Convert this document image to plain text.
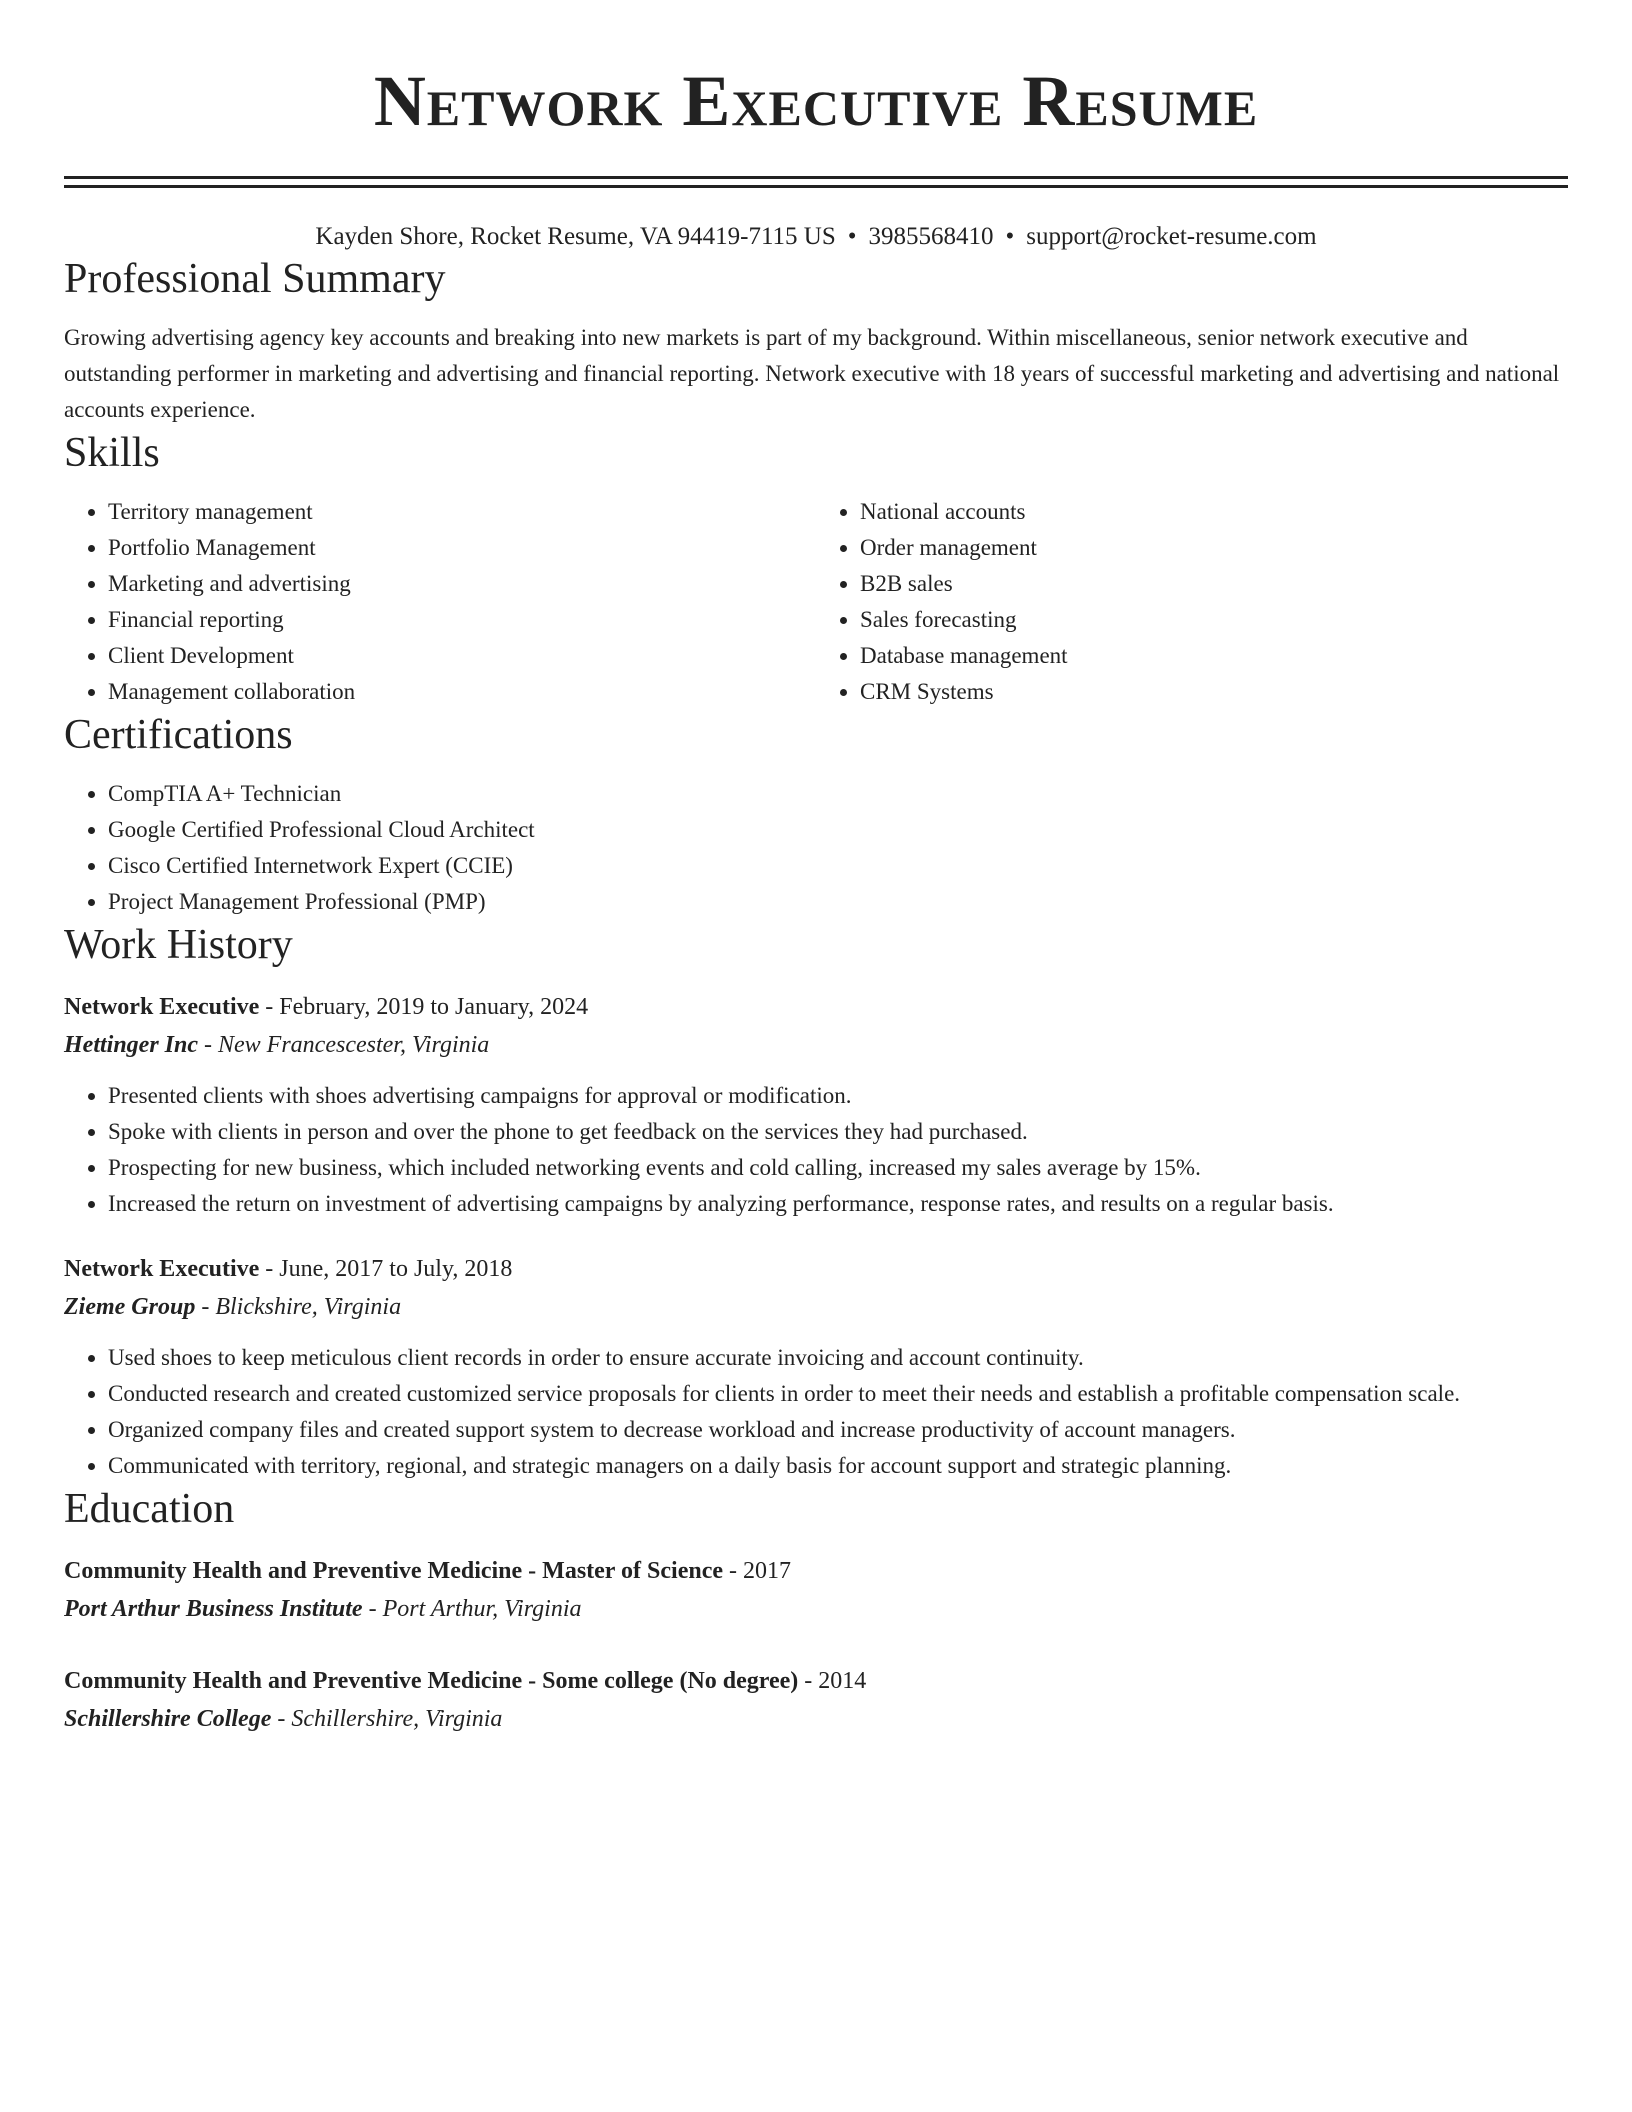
Network Executive Resume
Kayden Shore, Rocket Resume, VA 94419-7115 US • 3985568410 • support@rocket-resume.com
Professional Summary

Growing advertising agency key accounts and breaking into new markets is part of my background. Within miscellaneous, senior network executive and outstanding performer in marketing and advertising and financial reporting. Network executive with 18 years of successful marketing and advertising and national accounts experience.

Skills
• Territory management
• Portfolio Management
• Marketing and advertising
• Financial reporting
• Client Development
• Management collaboration
• National accounts
• Order management
• B2B sales
• Sales forecasting
• Database management
• CRM Systems
Certifications
• CompTIA A+ Technician
• Google Certified Professional Cloud Architect
• Cisco Certified Internetwork Expert (CCIE)
• Project Management Professional (PMP)
Work History
Network Executive - February, 2019 to January, 2024
Hettinger Inc - New Francescester, Virginia
• Presented clients with shoes advertising campaigns for approval or modification.
• Spoke with clients in person and over the phone to get feedback on the services they had purchased.
• Prospecting for new business, which included networking events and cold calling, increased my sales average by 15%.
• Increased the return on investment of advertising campaigns by analyzing performance, response rates, and results on a regular basis.
Network Executive - June, 2017 to July, 2018
Zieme Group - Blickshire, Virginia
• Used shoes to keep meticulous client records in order to ensure accurate invoicing and account continuity.
• Conducted research and created customized service proposals for clients in order to meet their needs and establish a profitable compensation scale.
• Organized company files and created support system to decrease workload and increase productivity of account managers.
• Communicated with territory, regional, and strategic managers on a daily basis for account support and strategic planning.
Education
Community Health and Preventive Medicine - Master of Science - 2017
Port Arthur Business Institute - Port Arthur, Virginia
Community Health and Preventive Medicine - Some college (No degree) - 2014
Schillershire College - Schillershire, Virginia
